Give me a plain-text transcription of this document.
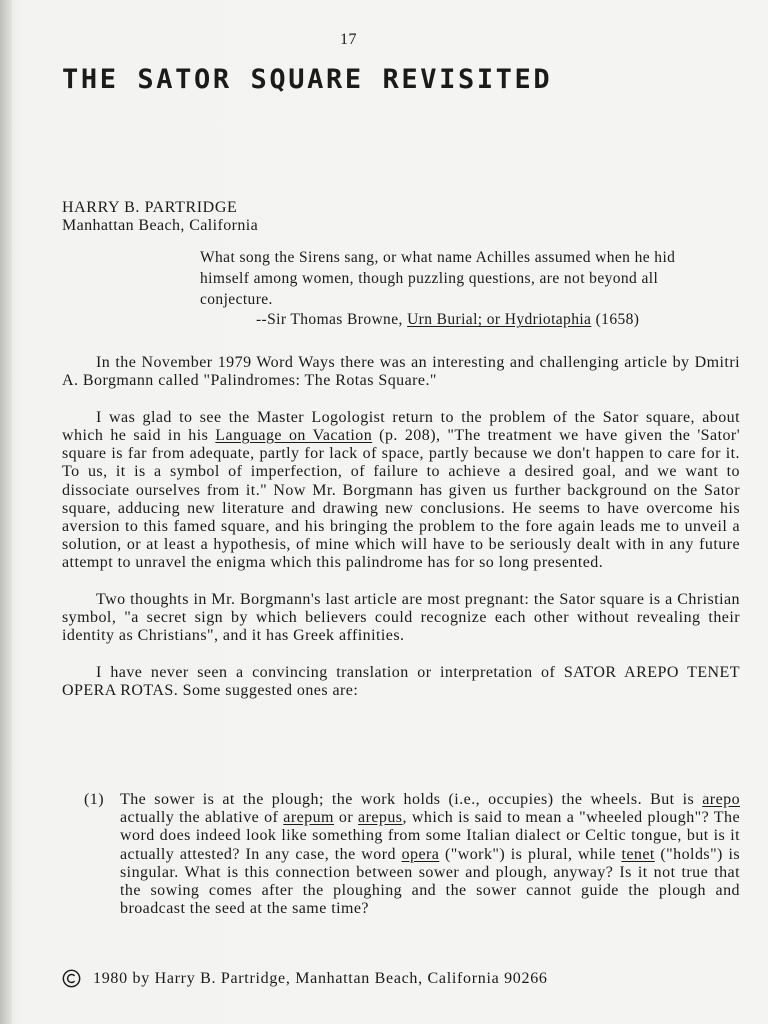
17
THE SATOR SQUARE REVISITED
HARRY B. PARTRIDGE
Manhattan Beach, California

What song the Sirens sang, or what name Achilles assumed when he hid himself among women, though puzzling questions, are not beyond all conjecture.

--Sir Thomas Browne, Urn Burial; or Hydriotaphia (1658)

In the November 1979 Word Ways there was an interesting and challenging article by Dmitri A. Borgmann called "Palindromes: The Rotas Square."

I was glad to see the Master Logologist return to the problem of the Sator square, about which he said in his Language on Vacation (p. 208), "The treatment we have given the 'Sator' square is far from adequate, partly for lack of space, partly because we don't happen to care for it. To us, it is a symbol of imperfection, of failure to achieve a desired goal, and we want to dissociate ourselves from it." Now Mr. Borgmann has given us further background on the Sator square, adducing new literature and drawing new conclusions. He seems to have overcome his aversion to this famed square, and his bringing the problem to the fore again leads me to unveil a solution, or at least a hypothesis, of mine which will have to be seriously dealt with in any future attempt to unravel the enigma which this palindrome has for so long presented.

Two thoughts in Mr. Borgmann's last article are most pregnant: the Sator square is a Christian symbol, "a secret sign by which believers could recognize each other without revealing their identity as Christians", and it has Greek affinities.

I have never seen a convincing translation or interpretation of SATOR AREPO TENET OPERA ROTAS. Some suggested ones are:

(1) The sower is at the plough; the work holds (i.e., occupies) the wheels. But is arepo actually the ablative of arepum or arepus, which is said to mean a "wheeled plough"? The word does indeed look like something from some Italian dialect or Celtic tongue, but is it actually attested? In any case, the word opera ("work") is plural, while tenet ("holds") is singular. What is this connection between sower and plough, anyway? Is it not true that the sowing comes after the ploughing and the sower cannot guide the plough and broadcast the seed at the same time?
1980 by Harry B. Partridge, Manhattan Beach, California 90266
